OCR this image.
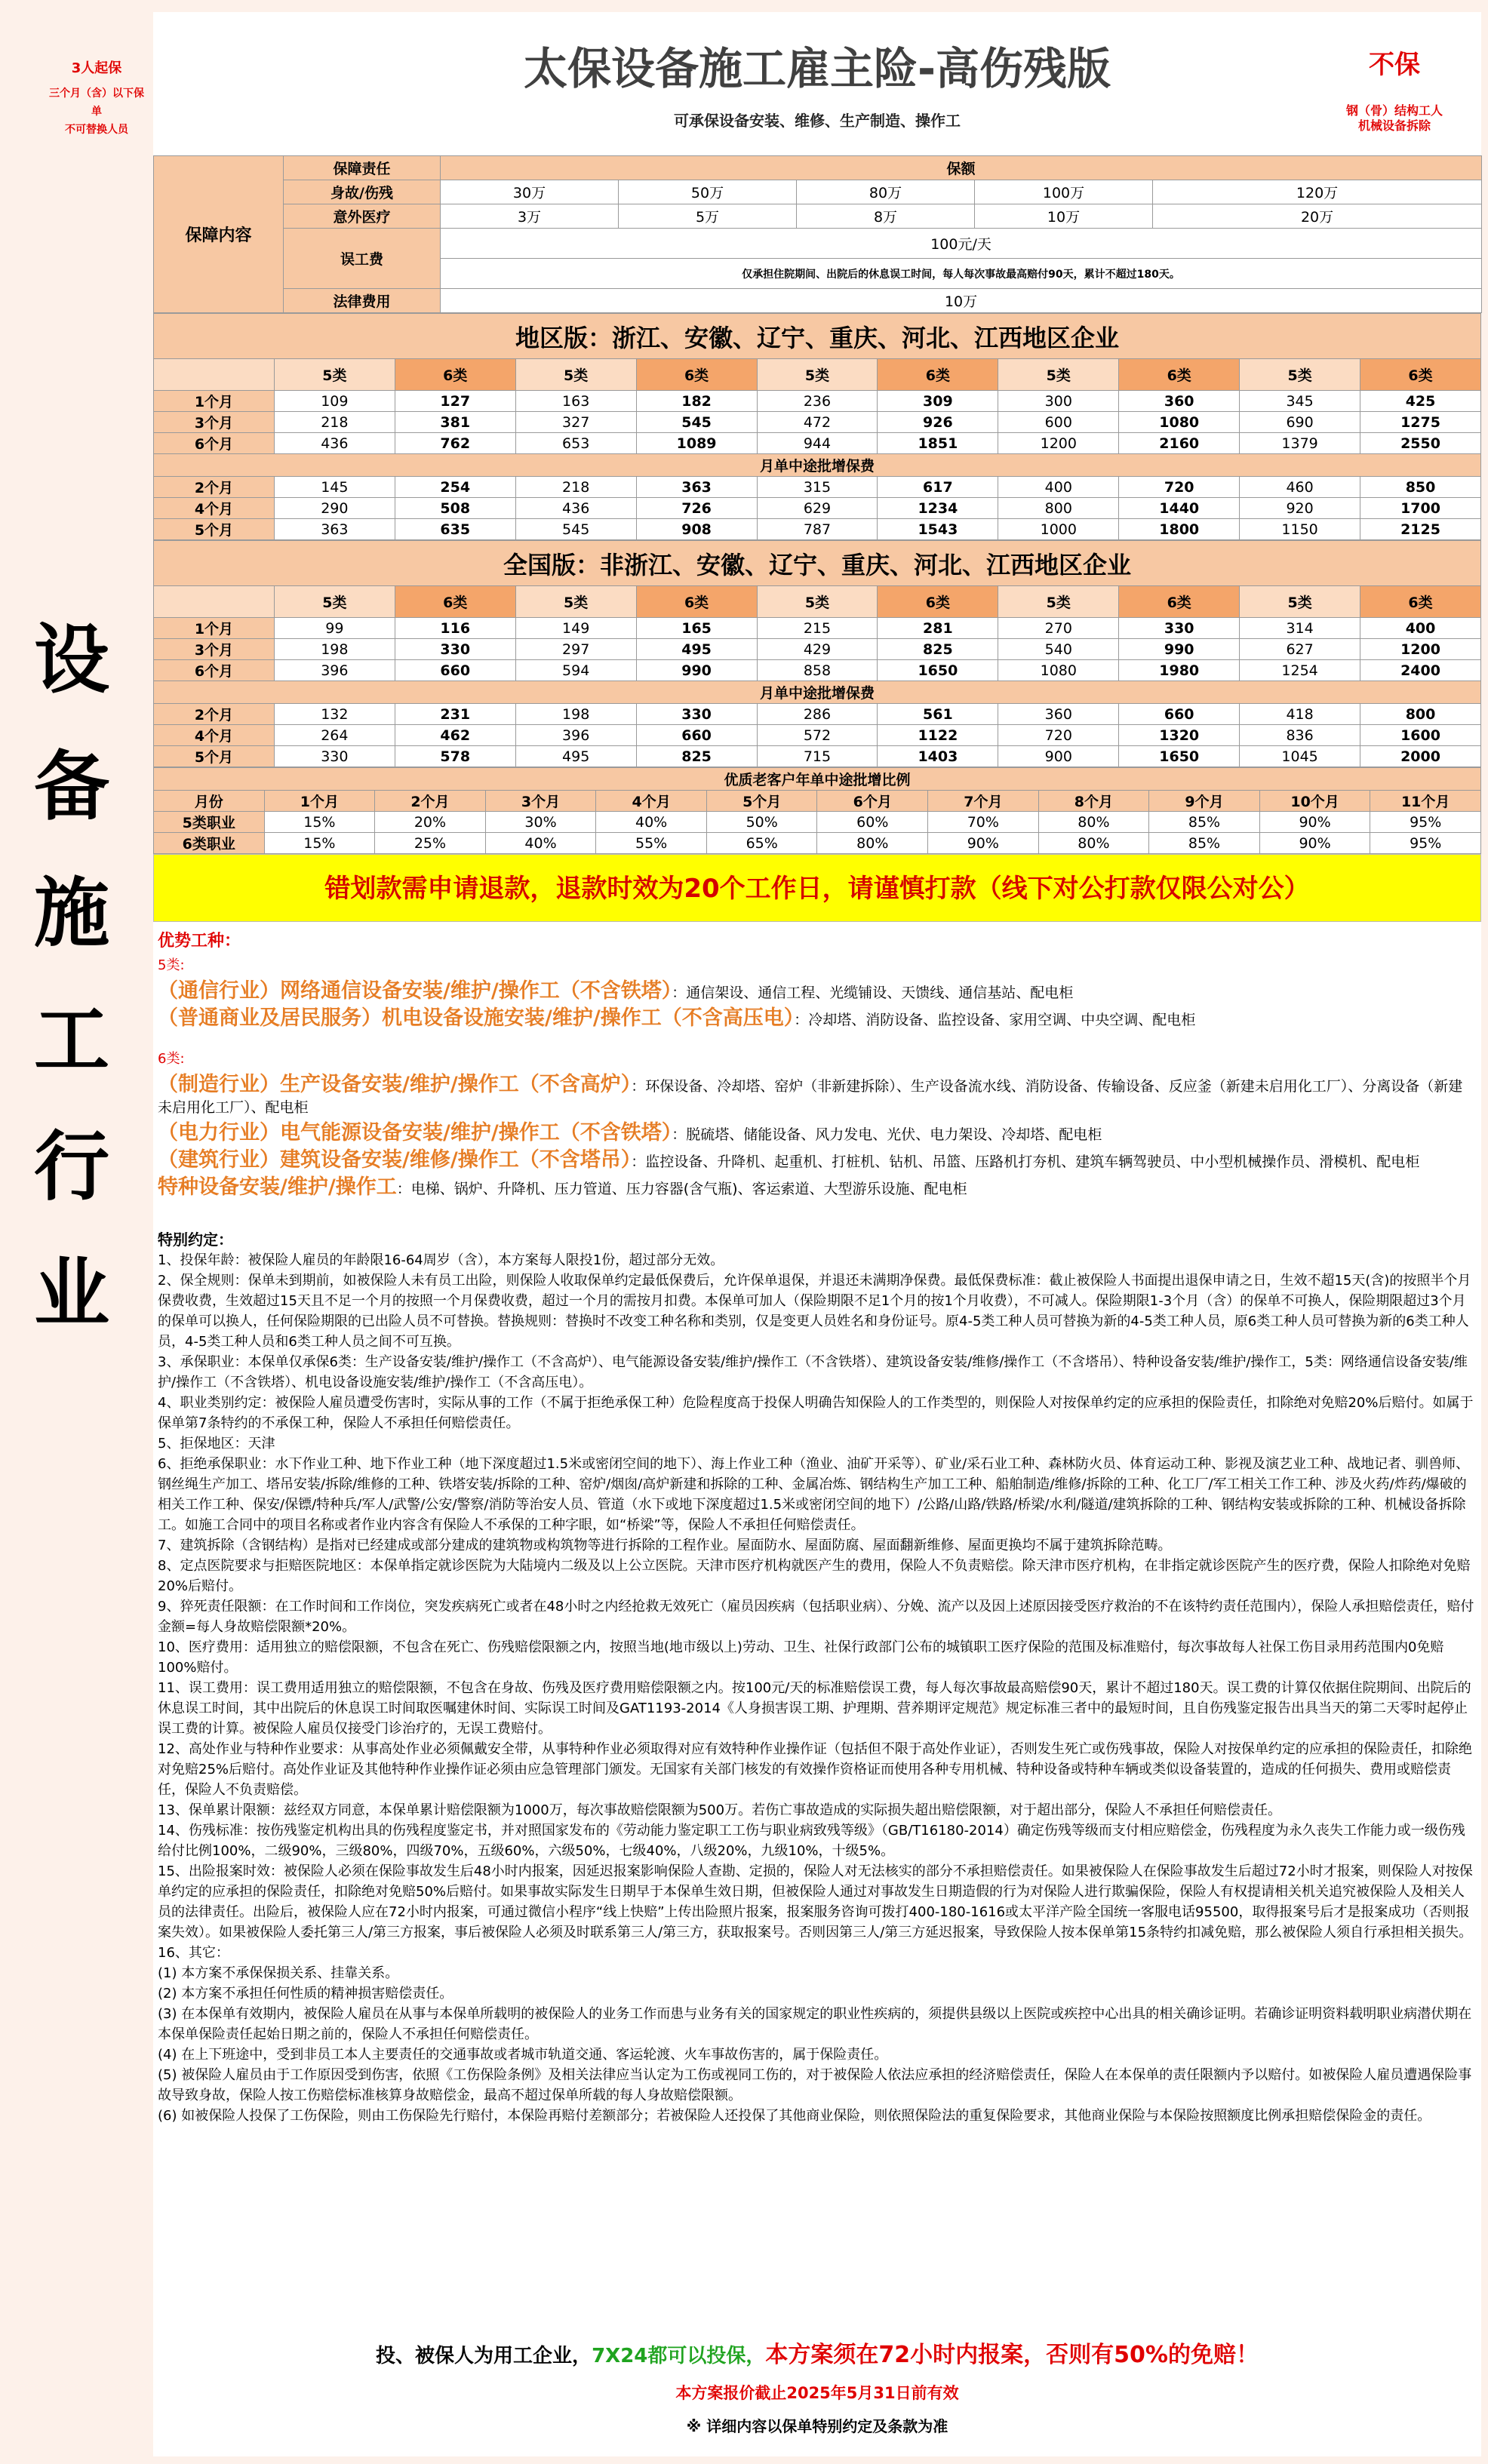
设
备
施
工
行
业
3人起保
三个月（含）以下保单
不可替换人员
太保设备施工雇主险-高伤残版
可承保设备安装、维修、生产制造、操作工
不保
钢（骨）结构工人
机械设备拆除
保障内容	保障责任	保额				
	身故/伤残	30万	50万	80万	100万	120万
	意外医疗	3万	5万	8万	10万	20万
	误工费	100元/天				
		仅承担住院期间、出院后的休息误工时间，每人每次事故最高赔付90天，累计不超过180天。				
	法律费用	10万				
地区版：浙江、安徽、辽宁、重庆、河北、江西地区企业										
	5类	6类	5类	6类	5类	6类	5类	6类	5类	6类
1个月	109	127	163	182	236	309	300	360	345	425
3个月	218	381	327	545	472	926	600	1080	690	1275
6个月	436	762	653	1089	944	1851	1200	2160	1379	2550
月单中途批增保费										
2个月	145	254	218	363	315	617	400	720	460	850
4个月	290	508	436	726	629	1234	800	1440	920	1700
5个月	363	635	545	908	787	1543	1000	1800	1150	2125
全国版：非浙江、安徽、辽宁、重庆、河北、江西地区企业										
	5类	6类	5类	6类	5类	6类	5类	6类	5类	6类
1个月	99	116	149	165	215	281	270	330	314	400
3个月	198	330	297	495	429	825	540	990	627	1200
6个月	396	660	594	990	858	1650	1080	1980	1254	2400
月单中途批增保费										
2个月	132	231	198	330	286	561	360	660	418	800
4个月	264	462	396	660	572	1122	720	1320	836	1600
5个月	330	578	495	825	715	1403	900	1650	1045	2000
优质老客户年单中途批增比例											
月份	1个月	2个月	3个月	4个月	5个月	6个月	7个月	8个月	9个月	10个月	11个月
5类职业	15%	20%	30%	40%	50%	60%	70%	80%	85%	90%	95%
6类职业	15%	25%	40%	55%	65%	80%	90%	80%	85%	90%	95%
错划款需申请退款，退款时效为20个工作日，请谨慎打款（线下对公打款仅限公对公）
优势工种：
5类:
（通信行业）网络通信设备安装/维护/操作工（不含铁塔）：通信架设、通信工程、光缆铺设、天馈线、通信基站、配电柜
（普通商业及居民服务）机电设备设施安装/维护/操作工（不含高压电）：冷却塔、消防设备、监控设备、家用空调、中央空调、配电柜
6类:
（制造行业）生产设备安装/维护/操作工（不含高炉）：环保设备、冷却塔、窑炉（非新建拆除）、生产设备流水线、消防设备、传输设备、反应釜（新建未启用化工厂）、分离设备（新建未启用化工厂）、配电柜
（电力行业）电气能源设备安装/维护/操作工（不含铁塔）：脱硫塔、储能设备、风力发电、光伏、电力架设、冷却塔、配电柜
（建筑行业）建筑设备安装/维修/操作工（不含塔吊）：监控设备、升降机、起重机、打桩机、钻机、吊篮、压路机打夯机、建筑车辆驾驶员、中小型机械操作员、滑模机、配电柜
特种设备安装/维护/操作工：电梯、锅炉、升降机、压力管道、压力容器(含气瓶)、客运索道、大型游乐设施、配电柜
特别约定：

1、投保年龄：被保险人雇员的年龄限16-64周岁（含），本方案每人限投1份，超过部分无效。

2、保全规则：保单未到期前，如被保险人未有员工出险，则保险人收取保单约定最低保费后，允许保单退保，并退还未满期净保费。最低保费标准：截止被保险人书面提出退保申请之日，生效不超15天(含)的按照半个月保费收费，生效超过15天且不足一个月的按照一个月保费收费，超过一个月的需按月扣费。本保单可加人（保险期限不足1个月的按1个月收费），不可减人。保险期限1-3个月（含）的保单不可换人，保险期限超过3个月的保单可以换人，任何保险期限的已出险人员不可替换。替换规则：替换时不改变工种名称和类别，仅是变更人员姓名和身份证号。原4-5类工种人员可替换为新的4-5类工种人员，原6类工种人员可替换为新的6类工种人员，4-5类工种人员和6类工种人员之间不可互换。

3、承保职业：本保单仅承保6类：生产设备安装/维护/操作工（不含高炉）、电气能源设备安装/维护/操作工（不含铁塔）、建筑设备安装/维修/操作工（不含塔吊）、特种设备安装/维护/操作工，5类：网络通信设备安装/维护/操作工（不含铁塔）、机电设备设施安装/维护/操作工（不含高压电）。

4、职业类别约定：被保险人雇员遭受伤害时，实际从事的工作（不属于拒绝承保工种）危险程度高于投保人明确告知保险人的工作类型的，则保险人对按保单约定的应承担的保险责任，扣除绝对免赔20%后赔付。如属于保单第7条特约的不承保工种，保险人不承担任何赔偿责任。

5、拒保地区：天津

6、拒绝承保职业：水下作业工种、地下作业工种（地下深度超过1.5米或密闭空间的地下）、海上作业工种（渔业、油矿开采等）、矿业/采石业工种、森林防火员、体育运动工种、影视及演艺业工种、战地记者、驯兽师、钢丝绳生产加工、塔吊安装/拆除/维修的工种、铁塔安装/拆除的工种、窑炉/烟囱/高炉新建和拆除的工种、金属冶炼、钢结构生产加工工种、船舶制造/维修/拆除的工种、化工厂/军工相关工作工种、涉及火药/炸药/爆破的相关工作工种、保安/保镖/特种兵/军人/武警/公安/警察/消防等治安人员、管道（水下或地下深度超过1.5米或密闭空间的地下）/公路/山路/铁路/桥梁/水利/隧道/建筑拆除的工种、钢结构安装或拆除的工种、机械设备拆除工。如施工合同中的项目名称或者作业内容含有保险人不承保的工种字眼，如“桥梁”等，保险人不承担任何赔偿责任。

7、建筑拆除（含钢结构）是指对已经建成或部分建成的建筑物或构筑物等进行拆除的工程作业。屋面防水、屋面防腐、屋面翻新维修、屋面更换均不属于建筑拆除范畴。

8、定点医院要求与拒赔医院地区：本保单指定就诊医院为大陆境内二级及以上公立医院。天津市医疗机构就医产生的费用，保险人不负责赔偿。除天津市医疗机构，在非指定就诊医院产生的医疗费，保险人扣除绝对免赔20%后赔付。

9、猝死责任限额：在工作时间和工作岗位，突发疾病死亡或者在48小时之内经抢救无效死亡（雇员因疾病（包括职业病）、分娩、流产以及因上述原因接受医疗救治的不在该特约责任范围内），保险人承担赔偿责任，赔付金额=每人身故赔偿限额*20%。

10、医疗费用：适用独立的赔偿限额，不包含在死亡、伤残赔偿限额之内，按照当地(地市级以上)劳动、卫生、社保行政部门公布的城镇职工医疗保险的范围及标准赔付，每次事故每人社保工伤目录用药范围内0免赔100%赔付。

11、误工费用：误工费用适用独立的赔偿限额，不包含在身故、伤残及医疗费用赔偿限额之内。按100元/天的标准赔偿误工费，每人每次事故最高赔偿90天，累计不超过180天。误工费的计算仅依据住院期间、出院后的休息误工时间，其中出院后的休息误工时间取医嘱建休时间、实际误工时间及GAT1193-2014《人身损害误工期、护理期、营养期评定规范》规定标准三者中的最短时间，且自伤残鉴定报告出具当天的第二天零时起停止误工费的计算。被保险人雇员仅接受门诊治疗的，无误工费赔付。

12、高处作业与特种作业要求：从事高处作业必须佩戴安全带，从事特种作业必须取得对应有效特种作业操作证（包括但不限于高处作业证），否则发生死亡或伤残事故，保险人对按保单约定的应承担的保险责任，扣除绝对免赔25%后赔付。高处作业证及其他特种作业操作证必须由应急管理部门颁发。无国家有关部门核发的有效操作资格证而使用各种专用机械、特种设备或特种车辆或类似设备装置的，造成的任何损失、费用或赔偿责任，保险人不负责赔偿。

13、保单累计限额：兹经双方同意，本保单累计赔偿限额为1000万，每次事故赔偿限额为500万。若伤亡事故造成的实际损失超出赔偿限额，对于超出部分，保险人不承担任何赔偿责任。

14、伤残标准：按伤残鉴定机构出具的伤残程度鉴定书，并对照国家发布的《劳动能力鉴定职工工伤与职业病致残等级》（GB/T16180-2014）确定伤残等级而支付相应赔偿金，伤残程度为永久丧失工作能力或一级伤残给付比例100%，二级90%，三级80%，四级70%，五级60%，六级50%，七级40%，八级20%，九级10%，十级5%。

15、出险报案时效：被保险人必须在保险事故发生后48小时内报案，因延迟报案影响保险人查勘、定损的，保险人对无法核实的部分不承担赔偿责任。如果被保险人在保险事故发生后超过72小时才报案，则保险人对按保单约定的应承担的保险责任，扣除绝对免赔50%后赔付。如果事故实际发生日期早于本保单生效日期，但被保险人通过对事故发生日期造假的行为对保险人进行欺骗保险，保险人有权提请相关机关追究被保险人及相关人员的法律责任。出险后，被保险人应在72小时内报案，可通过微信小程序“线上快赔”上传出险照片报案，报案服务咨询可拨打400-180-1616或太平洋产险全国统一客服电话95500，取得报案号后才是报案成功（否则报案失效）。如果被保险人委托第三人/第三方报案，事后被保险人必须及时联系第三人/第三方，获取报案号。否则因第三人/第三方延迟报案，导致保险人按本保单第15条特约扣减免赔，那么被保险人须自行承担相关损失。

16、其它：

(1) 本方案不承保保损关系、挂靠关系。

(2) 本方案不承担任何性质的精神损害赔偿责任。

(3) 在本保单有效期内，被保险人雇员在从事与本保单所载明的被保险人的业务工作而患与业务有关的国家规定的职业性疾病的，须提供县级以上医院或疾控中心出具的相关确诊证明。若确诊证明资料载明职业病潜伏期在本保单保险责任起始日期之前的，保险人不承担任何赔偿责任。

(4) 在上下班途中，受到非员工本人主要责任的交通事故或者城市轨道交通、客运轮渡、火车事故伤害的，属于保险责任。

(5) 被保险人雇员由于工作原因受到伤害，依照《工伤保险条例》及相关法律应当认定为工伤或视同工伤的，对于被保险人依法应承担的经济赔偿责任，保险人在本保单的责任限额内予以赔付。如被保险人雇员遭遇保险事故导致身故，保险人按工伤赔偿标准核算身故赔偿金，最高不超过保单所载的每人身故赔偿限额。

(6) 如被保险人投保了工伤保险，则由工伤保险先行赔付，本保险再赔付差额部分；若被保险人还投保了其他商业保险，则依照保险法的重复保险要求，其他商业保险与本保险按照额度比例承担赔偿保险金的责任。

投、被保人为用工企业，7X24都可以投保，本方案须在72小时内报案，否则有50%的免赔！
本方案报价截止2025年5月31日前有效
※ 详细内容以保单特别约定及条款为准
